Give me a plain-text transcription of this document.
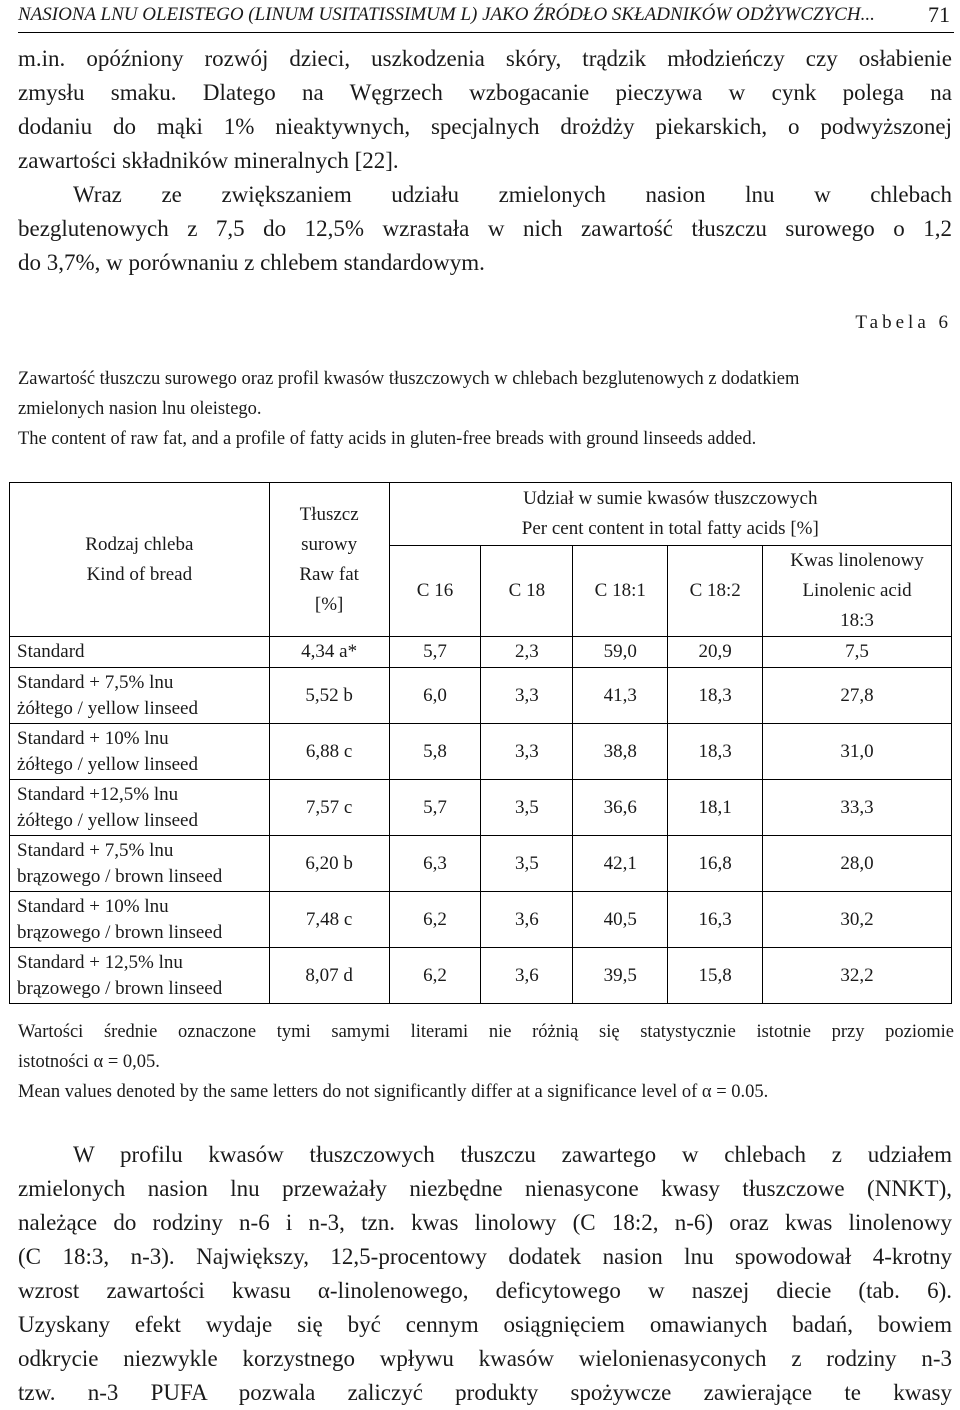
NASIONA LNU OLEISTEGO (LINUM USITATISSIMUM L) JAKO ŹRÓDŁO SKŁADNIKÓW ODŻYWCZYCH... 71
m.in. opóźniony rozwój dzieci, uszkodzenia skóry, trądzik młodzieńczy czy osłabienie
zmysłu smaku. Dlatego na Węgrzech wzbogacanie pieczywa w cynk polega na
dodaniu do mąki 1% nieaktywnych, specjalnych drożdży piekarskich, o podwyższonej
zawartości składników mineralnych [22].
Wraz ze zwiększaniem udziału zmielonych nasion lnu w chlebach
bezglutenowych z 7,5 do 12,5% wzrastała w nich zawartość tłuszczu surowego o 1,2
do 3,7%, w porównaniu z chlebem standardowym.
Tabela 6
Zawartość tłuszczu surowego oraz profil kwasów tłuszczowych w chlebach bezglutenowych z dodatkiem
zmielonych nasion lnu oleistego.
The content of raw fat, and a profile of fatty acids in gluten-free breads with ground linseeds added.
Rodzaj chleba
Kind of bread	Tłuszcz
surowy
Raw fat
[%]	Udział w sumie kwasów tłuszczowych
Per cent content in total fatty acids [%]				

		C 16	C 18	C 18:1	C 18:2	Kwas linolenowy
Linolenic acid
18:3

Standard	4,34 a*	5,7	2,3	59,0	20,9	7,5

Standard + 7,5% lnu
żółtego / yellow linseed	5,52 b	6,0	3,3	41,3	18,3	27,8

Standard + 10% lnu
żółtego / yellow linseed	6,88 c	5,8	3,3	38,8	18,3	31,0

Standard +12,5% lnu
żółtego / yellow linseed	7,57 c	5,7	3,5	36,6	18,1	33,3

Standard + 7,5% lnu
brązowego / brown linseed	6,20 b	6,3	3,5	42,1	16,8	28,0

Standard + 10% lnu
brązowego / brown linseed	7,48 c	6,2	3,6	40,5	16,3	30,2

Standard + 12,5% lnu
brązowego / brown linseed	8,07 d	6,2	3,6	39,5	15,8	32,2
Wartości średnie oznaczone tymi samymi literami nie różnią się statystycznie istotnie przy poziomie
istotności α = 0,05.
Mean values denoted by the same letters do not significantly differ at a significance level of α = 0.05.
W profilu kwasów tłuszczowych tłuszczu zawartego w chlebach z udziałem
zmielonych nasion lnu przeważały niezbędne nienasycone kwasy tłuszczowe (NNKT),
należące do rodziny n-6 i n-3, tzn. kwas linolowy (C 18:2, n-6) oraz kwas linolenowy
(C 18:3, n-3). Największy, 12,5-procentowy dodatek nasion lnu spowodował 4-krotny
wzrost zawartości kwasu α-linolenowego, deficytowego w naszej diecie (tab. 6).
Uzyskany efekt wydaje się być cennym osiągnięciem omawianych badań, bowiem
odkrycie niezwykle korzystnego wpływu kwasów wielonienasyconych z rodziny n-3
tzw. n-3 PUFA pozwala zaliczyć produkty spożywcze zawierające te kwasy
